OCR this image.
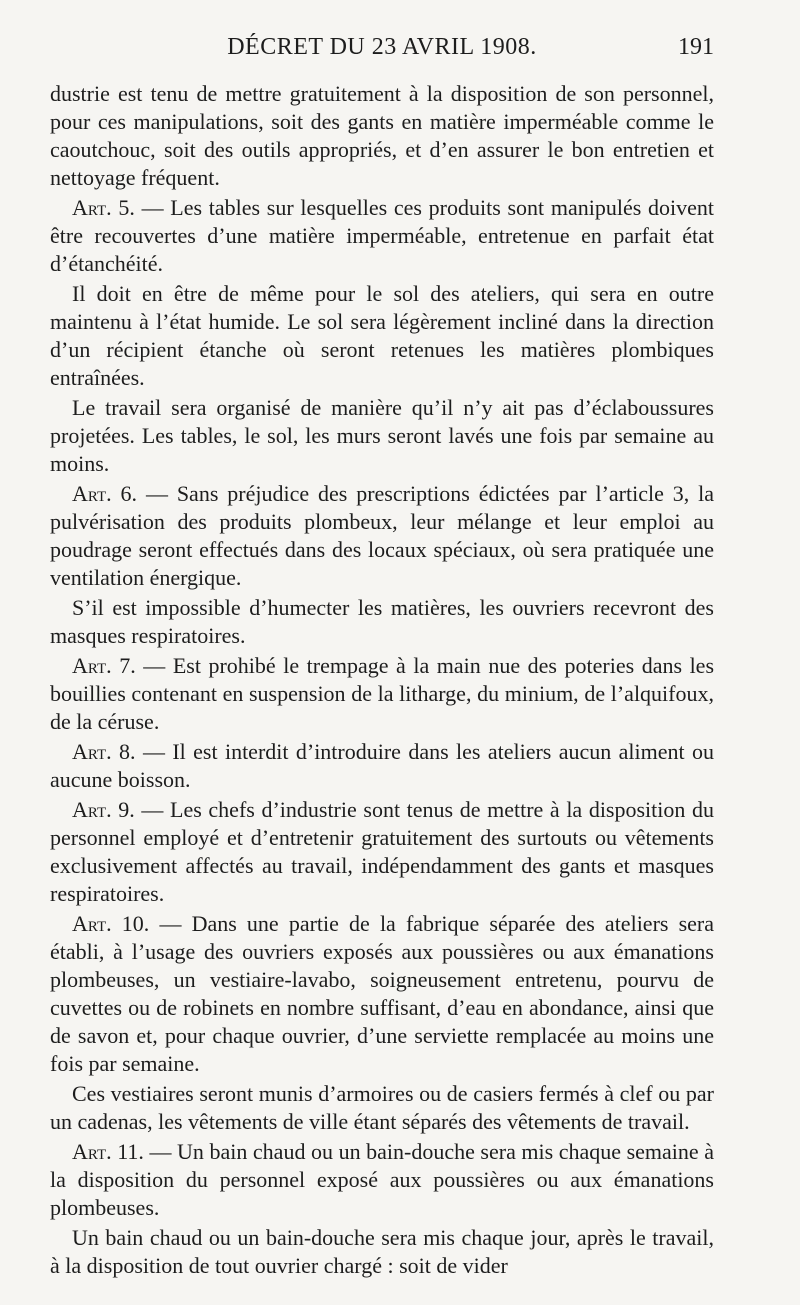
DÉCRET DU 23 AVRIL 1908.	191

dustrie est tenu de mettre gratuitement à la disposition de son personnel, pour ces manipulations, soit des gants en matière imperméable comme le caoutchouc, soit des outils appropriés, et d’en assurer le bon entretien et nettoyage fréquent.

Art. 5. — Les tables sur lesquelles ces produits sont manipulés doivent être recouvertes d’une matière imperméable, entretenue en parfait état d’étanchéité.

Il doit en être de même pour le sol des ateliers, qui sera en outre maintenu à l’état humide. Le sol sera légèrement incliné dans la direction d’un récipient étanche où seront retenues les matières plombiques entraînées.

Le travail sera organisé de manière qu’il n’y ait pas d’éclaboussures projetées. Les tables, le sol, les murs seront lavés une fois par semaine au moins.

Art. 6. — Sans préjudice des prescriptions édictées par l’article 3, la pulvérisation des produits plombeux, leur mélange et leur emploi au poudrage seront effectués dans des locaux spéciaux, où sera pratiquée une ventilation énergique.

S’il est impossible d’humecter les matières, les ouvriers recevront des masques respiratoires.

Art. 7. — Est prohibé le trempage à la main nue des poteries dans les bouillies contenant en suspension de la litharge, du minium, de l’alquifoux, de la céruse.

Art. 8. — Il est interdit d’introduire dans les ateliers aucun aliment ou aucune boisson.

Art. 9. — Les chefs d’industrie sont tenus de mettre à la disposition du personnel employé et d’entretenir gratuitement des surtouts ou vêtements exclusivement affectés au travail, indépendamment des gants et masques respiratoires.

Art. 10. — Dans une partie de la fabrique séparée des ateliers sera établi, à l’usage des ouvriers exposés aux poussières ou aux émanations plombeuses, un vestiaire-lavabo, soigneusement entretenu, pourvu de cuvettes ou de robinets en nombre suffisant, d’eau en abondance, ainsi que de savon et, pour chaque ouvrier, d’une serviette remplacée au moins une fois par semaine.

Ces vestiaires seront munis d’armoires ou de casiers fermés à clef ou par un cadenas, les vêtements de ville étant séparés des vêtements de travail.

Art. 11. — Un bain chaud ou un bain-douche sera mis chaque semaine à la disposition du personnel exposé aux poussières ou aux émanations plombeuses.

Un bain chaud ou un bain-douche sera mis chaque jour, après le travail, à la disposition de tout ouvrier chargé : soit de vider
